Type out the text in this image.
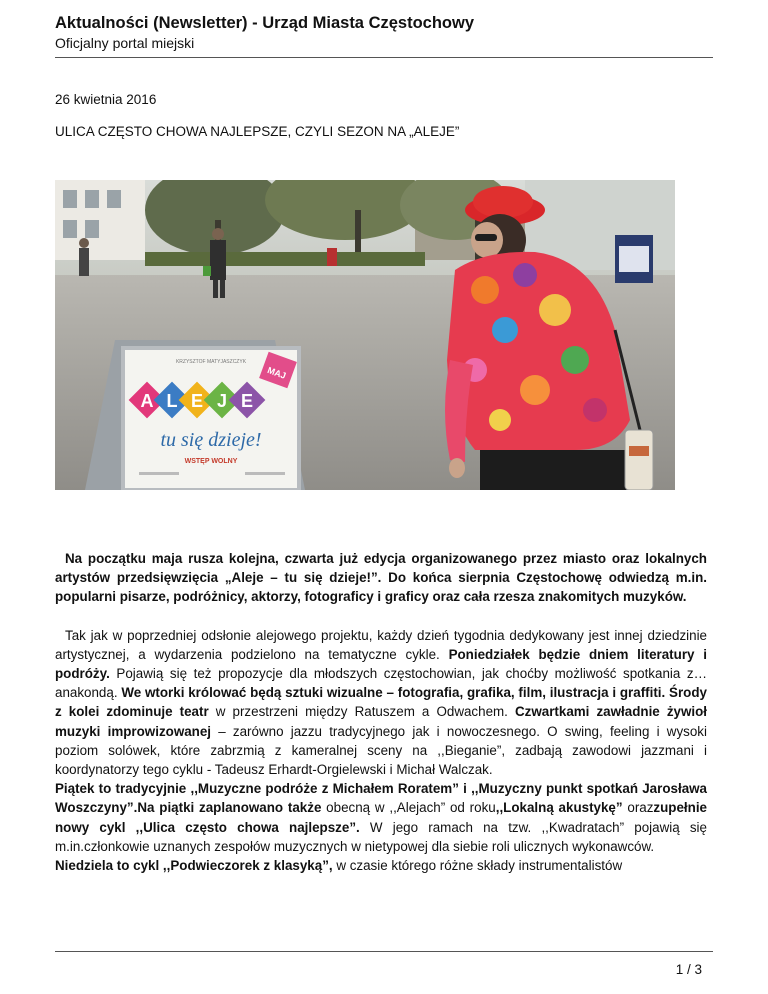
Aktualności (Newsletter) - Urząd Miasta Częstochowy
Oficjalny portal miejski
26 kwietnia 2016
ULICA CZĘSTO CHOWA NAJLEPSZE, CZYLI SEZON NA „ALEJE”
KRZYSZTOF MATYJASZCZYK
A L E J E
tu się dzieje!
WSTĘP WOLNY
MAJ

Na początku maja rusza kolejna, czwarta już edycja organizowanego przez miasto oraz lokalnych artystów przedsięwzięcia „Aleje – tu się dzieje!”. Do końca sierpnia Częstochowę odwiedzą m.in. popularni pisarze, podróżnicy, aktorzy, fotograficy i graficy oraz cała rzesza znakomitych muzyków.

Tak jak w poprzedniej odsłonie alejowego projektu, każdy dzień tygodnia dedykowany jest innej dziedzinie artystycznej, a wydarzenia podzielono na tematyczne cykle. Poniedziałek będzie dniem literatury i podróży. Pojawią się też propozycje dla młodszych częstochowian, jak choćby możliwość spotkania z… anakondą. We wtorki królować będą sztuki wizualne – fotografia, grafika, film, ilustracja i graffiti. Środy z kolei zdominuje teatr w przestrzeni między Ratuszem a Odwachem. Czwartkami zawładnie żywioł muzyki improwizowanej – zarówno jazzu tradycyjnego jak i nowoczesnego. O swing, feeling i wysoki poziom solówek, które zabrzmią z kameralnej sceny na ,,Bieganie”, zadbają zawodowi jazzmani i koordynatorzy tego cyklu - Tadeusz Erhardt-Orgielewski i Michał Walczak.

Piątek to tradycyjnie ,,Muzyczne podróże z Michałem Roratem” i ,,Muzyczny punkt spotkań Jarosława Woszczyny”.Na piątki zaplanowano także obecną w ,,Alejach” od roku,,Lokalną akustykę” orazzupełnie nowy cykl ,,Ulica często chowa najlepsze”. W jego ramach na tzw. ,,Kwadratach” pojawią się m.in.członkowie uznanych zespołów muzycznych w nietypowej dla siebie roli ulicznych wykonawców.

Niedziela to cykl ,,Podwieczorek z klasyką”, w czasie którego różne składy instrumentalistów

1 / 3
